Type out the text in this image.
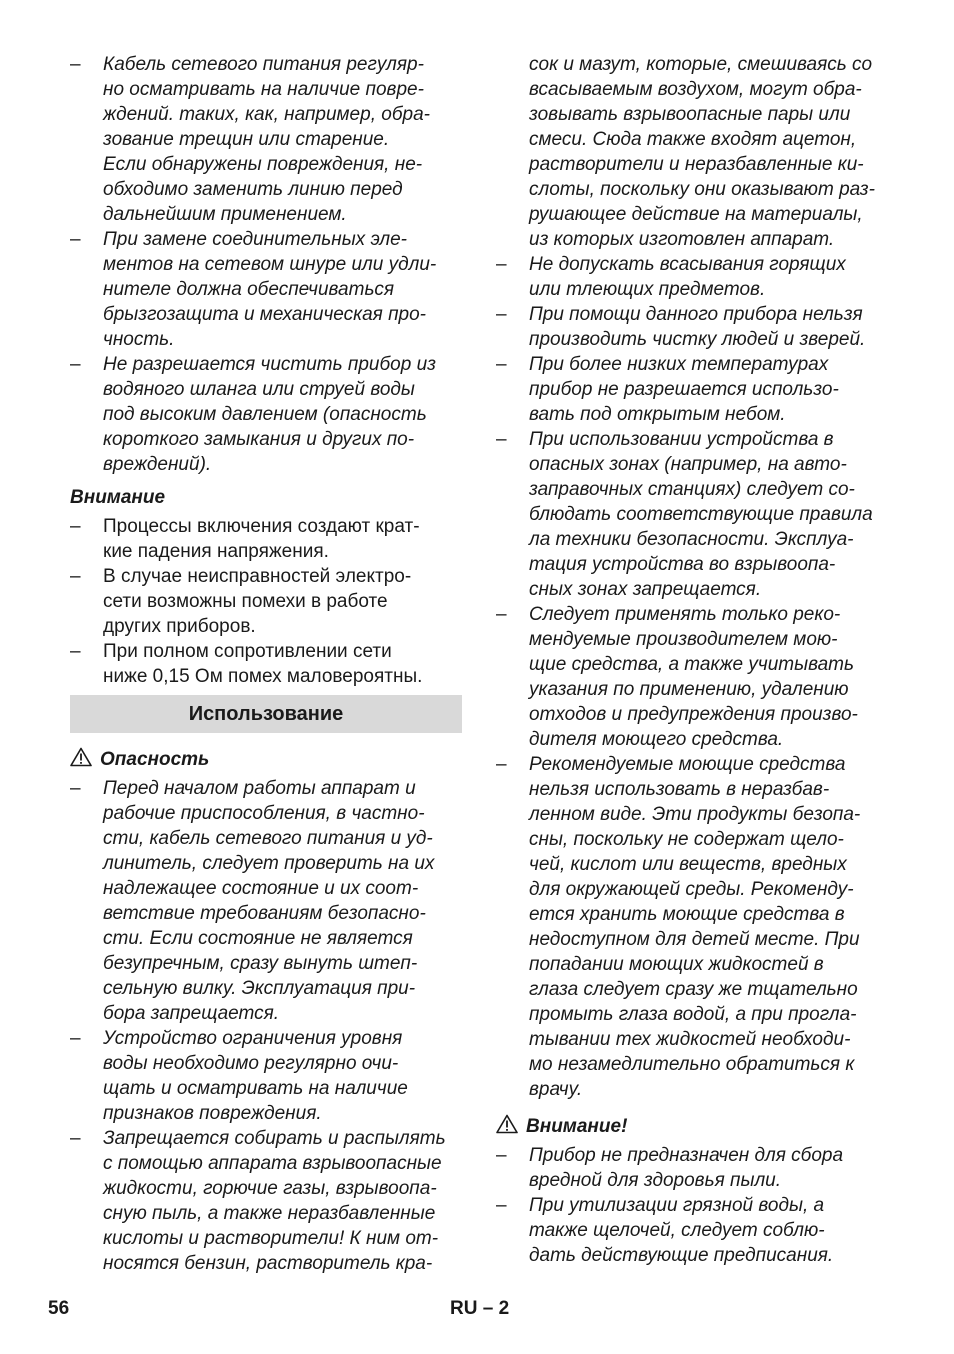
– Кабель сетевого питания регуляр-
но осматривать на наличие повре-
ждений. таких, как, например, обра-
зование трещин или старение.
Если обнаружены повреждения, не-
обходимо заменить линию перед
дальнейшим применением.
– При замене соединительных эле-
ментов на сетевом шнуре или удли-
нителе должна обеспечиваться
брызгозащита и механическая про-
чность.
– Не разрешается чистить прибор из
водяного шланга или струей воды
под высоким давлением (опасность
короткого замыкания и других по-
вреждений).
Внимание
– Процессы включения создают крат-
кие падения напряжения.
– В случае неисправностей электро-
сети возможны помехи в работе
других приборов.
– При полном сопротивлении сети
ниже 0,15 Ом помех маловероятны.
Использование
Опасность
– Перед началом работы аппарат и
рабочие приспособления, в частно-
сти, кабель сетевого питания и уд-
линитель, следует проверить на их
надлежащее состояние и их соот-
ветствие требованиям безопасно-
сти. Если состояние не является
безупречным, сразу вынуть штеп-
сельную вилку. Эксплуатация при-
бора запрещается.
– Устройство ограничения уровня
воды необходимо регулярно очи-
щать и осматривать на наличие
признаков повреждения.
– Запрещается собирать и распылять
с помощью аппарата взрывоопасные
жидкости, горючие газы, взрывоопа-
сную пыль, а также неразбавленные
кислоты и растворители! К ним от-
носятся бензин, растворитель кра-
сок и мазут, которые, смешиваясь со
всасываемым воздухом, могут обра-
зовывать взрывоопасные пары или
смеси. Сюда также входят ацетон,
растворители и неразбавленные ки-
слоты, поскольку они оказывают раз-
рушающее действие на материалы,
из которых изготовлен аппарат.
– Не допускать всасывания горящих
или тлеющих предметов.
– При помощи данного прибора нельзя
производить чистку людей и зверей.
– При более низких температурах
прибор не разрешается использо-
вать под открытым небом.
– При использовании устройства в
опасных зонах (например, на авто-
заправочных станциях) следует со-
блюдать соответствующие правила
ла техники безопасности. Эксплуа-
тация устройства во взрывоопа-
сных зонах запрещается.
– Следует применять только реко-
мендуемые производителем мою-
щие средства, а также учитывать
указания по применению, удалению
отходов и предупреждения произво-
дителя моющего средства.
– Рекомендуемые моющие средства
нельзя использовать в неразбав-
ленном виде. Эти продукты безопа-
сны, поскольку не содержат щело-
чей, кислот или веществ, вредных
для окружающей среды. Рекоменду-
ется хранить моющие средства в
недоступном для детей месте. При
попадании моющих жидкостей в
глаза следует сразу же тщательно
промыть глаза водой, а при прогла-
тывании тех жидкостей необходи-
мо незамедлительно обратиться к
врачу.
Внимание!
– Прибор не предназначен для сбора
вредной для здоровья пыли.
– При утилизации грязной воды, а
также щелочей, следует соблю-
дать действующие предписания.
56	RU – 2
